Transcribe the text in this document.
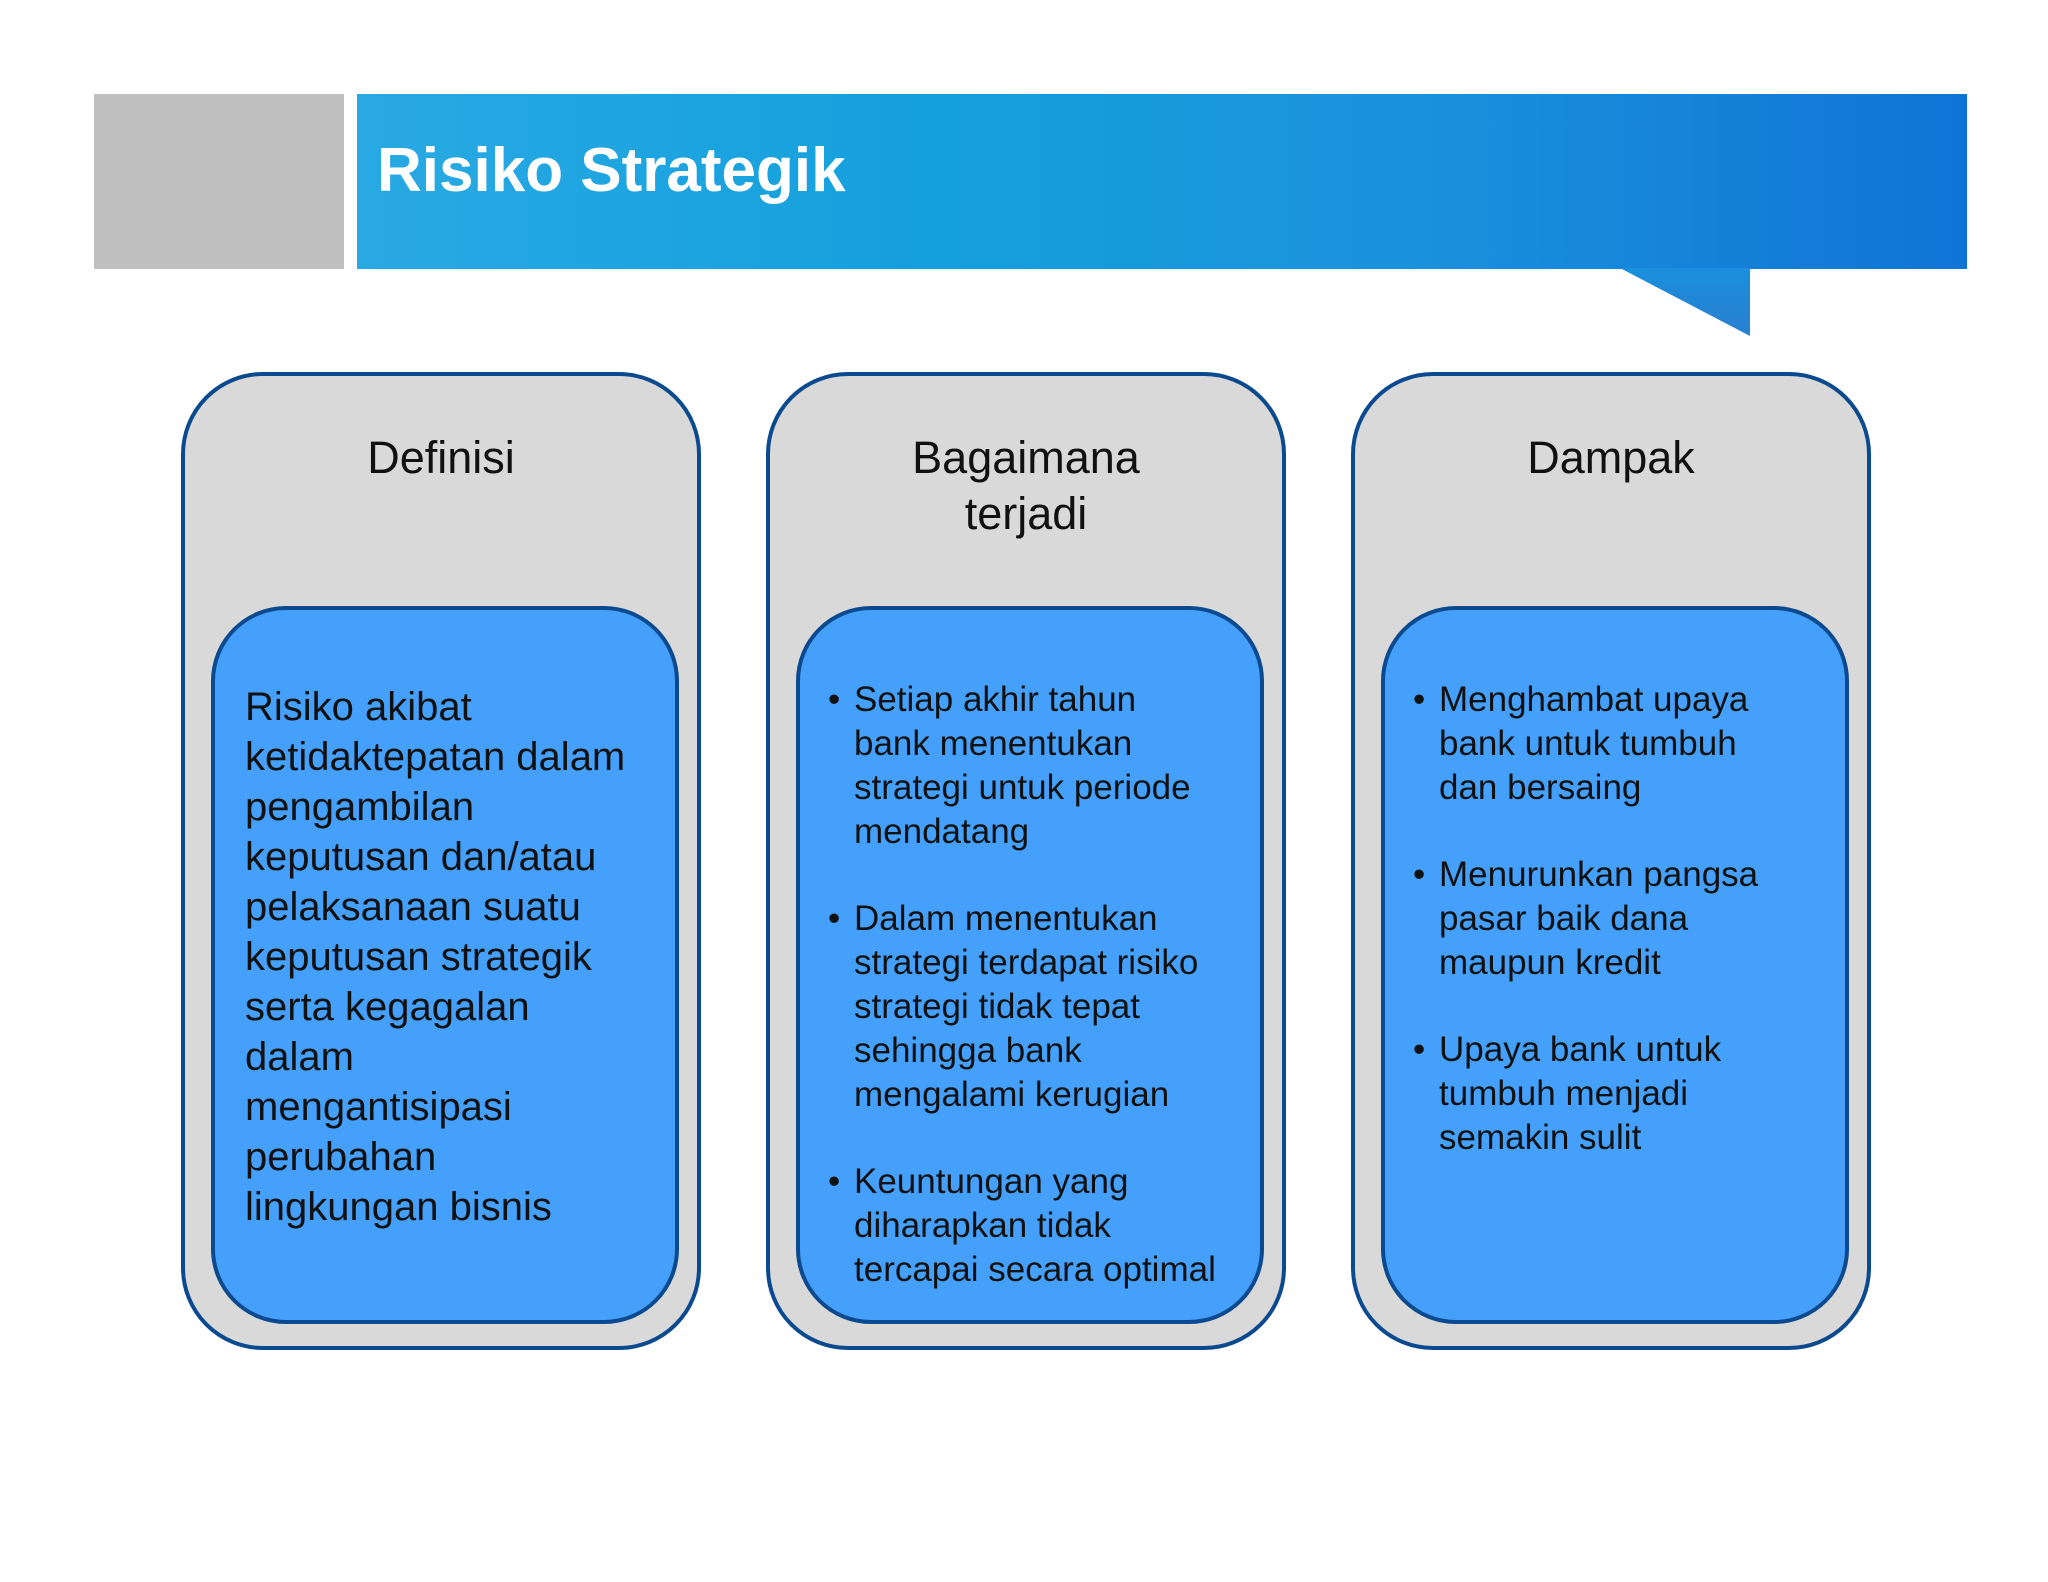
Risiko Strategik
Definisi
Risiko akibat
ketidaktepatan dalam
pengambilan
keputusan dan/atau
pelaksanaan suatu
keputusan strategik
serta kegagalan
dalam
mengantisipasi
perubahan
lingkungan bisnis
Bagaimana
terjadi
• Setiap akhir tahun
bank menentukan
strategi untuk periode
mendatang
• Dalam menentukan
strategi terdapat risiko
strategi tidak tepat
sehingga bank
mengalami kerugian
• Keuntungan yang
diharapkan tidak
tercapai secara optimal
Dampak
• Menghambat upaya
bank untuk tumbuh
dan bersaing
• Menurunkan pangsa
pasar baik dana
maupun kredit
• Upaya bank untuk
tumbuh menjadi
semakin sulit
